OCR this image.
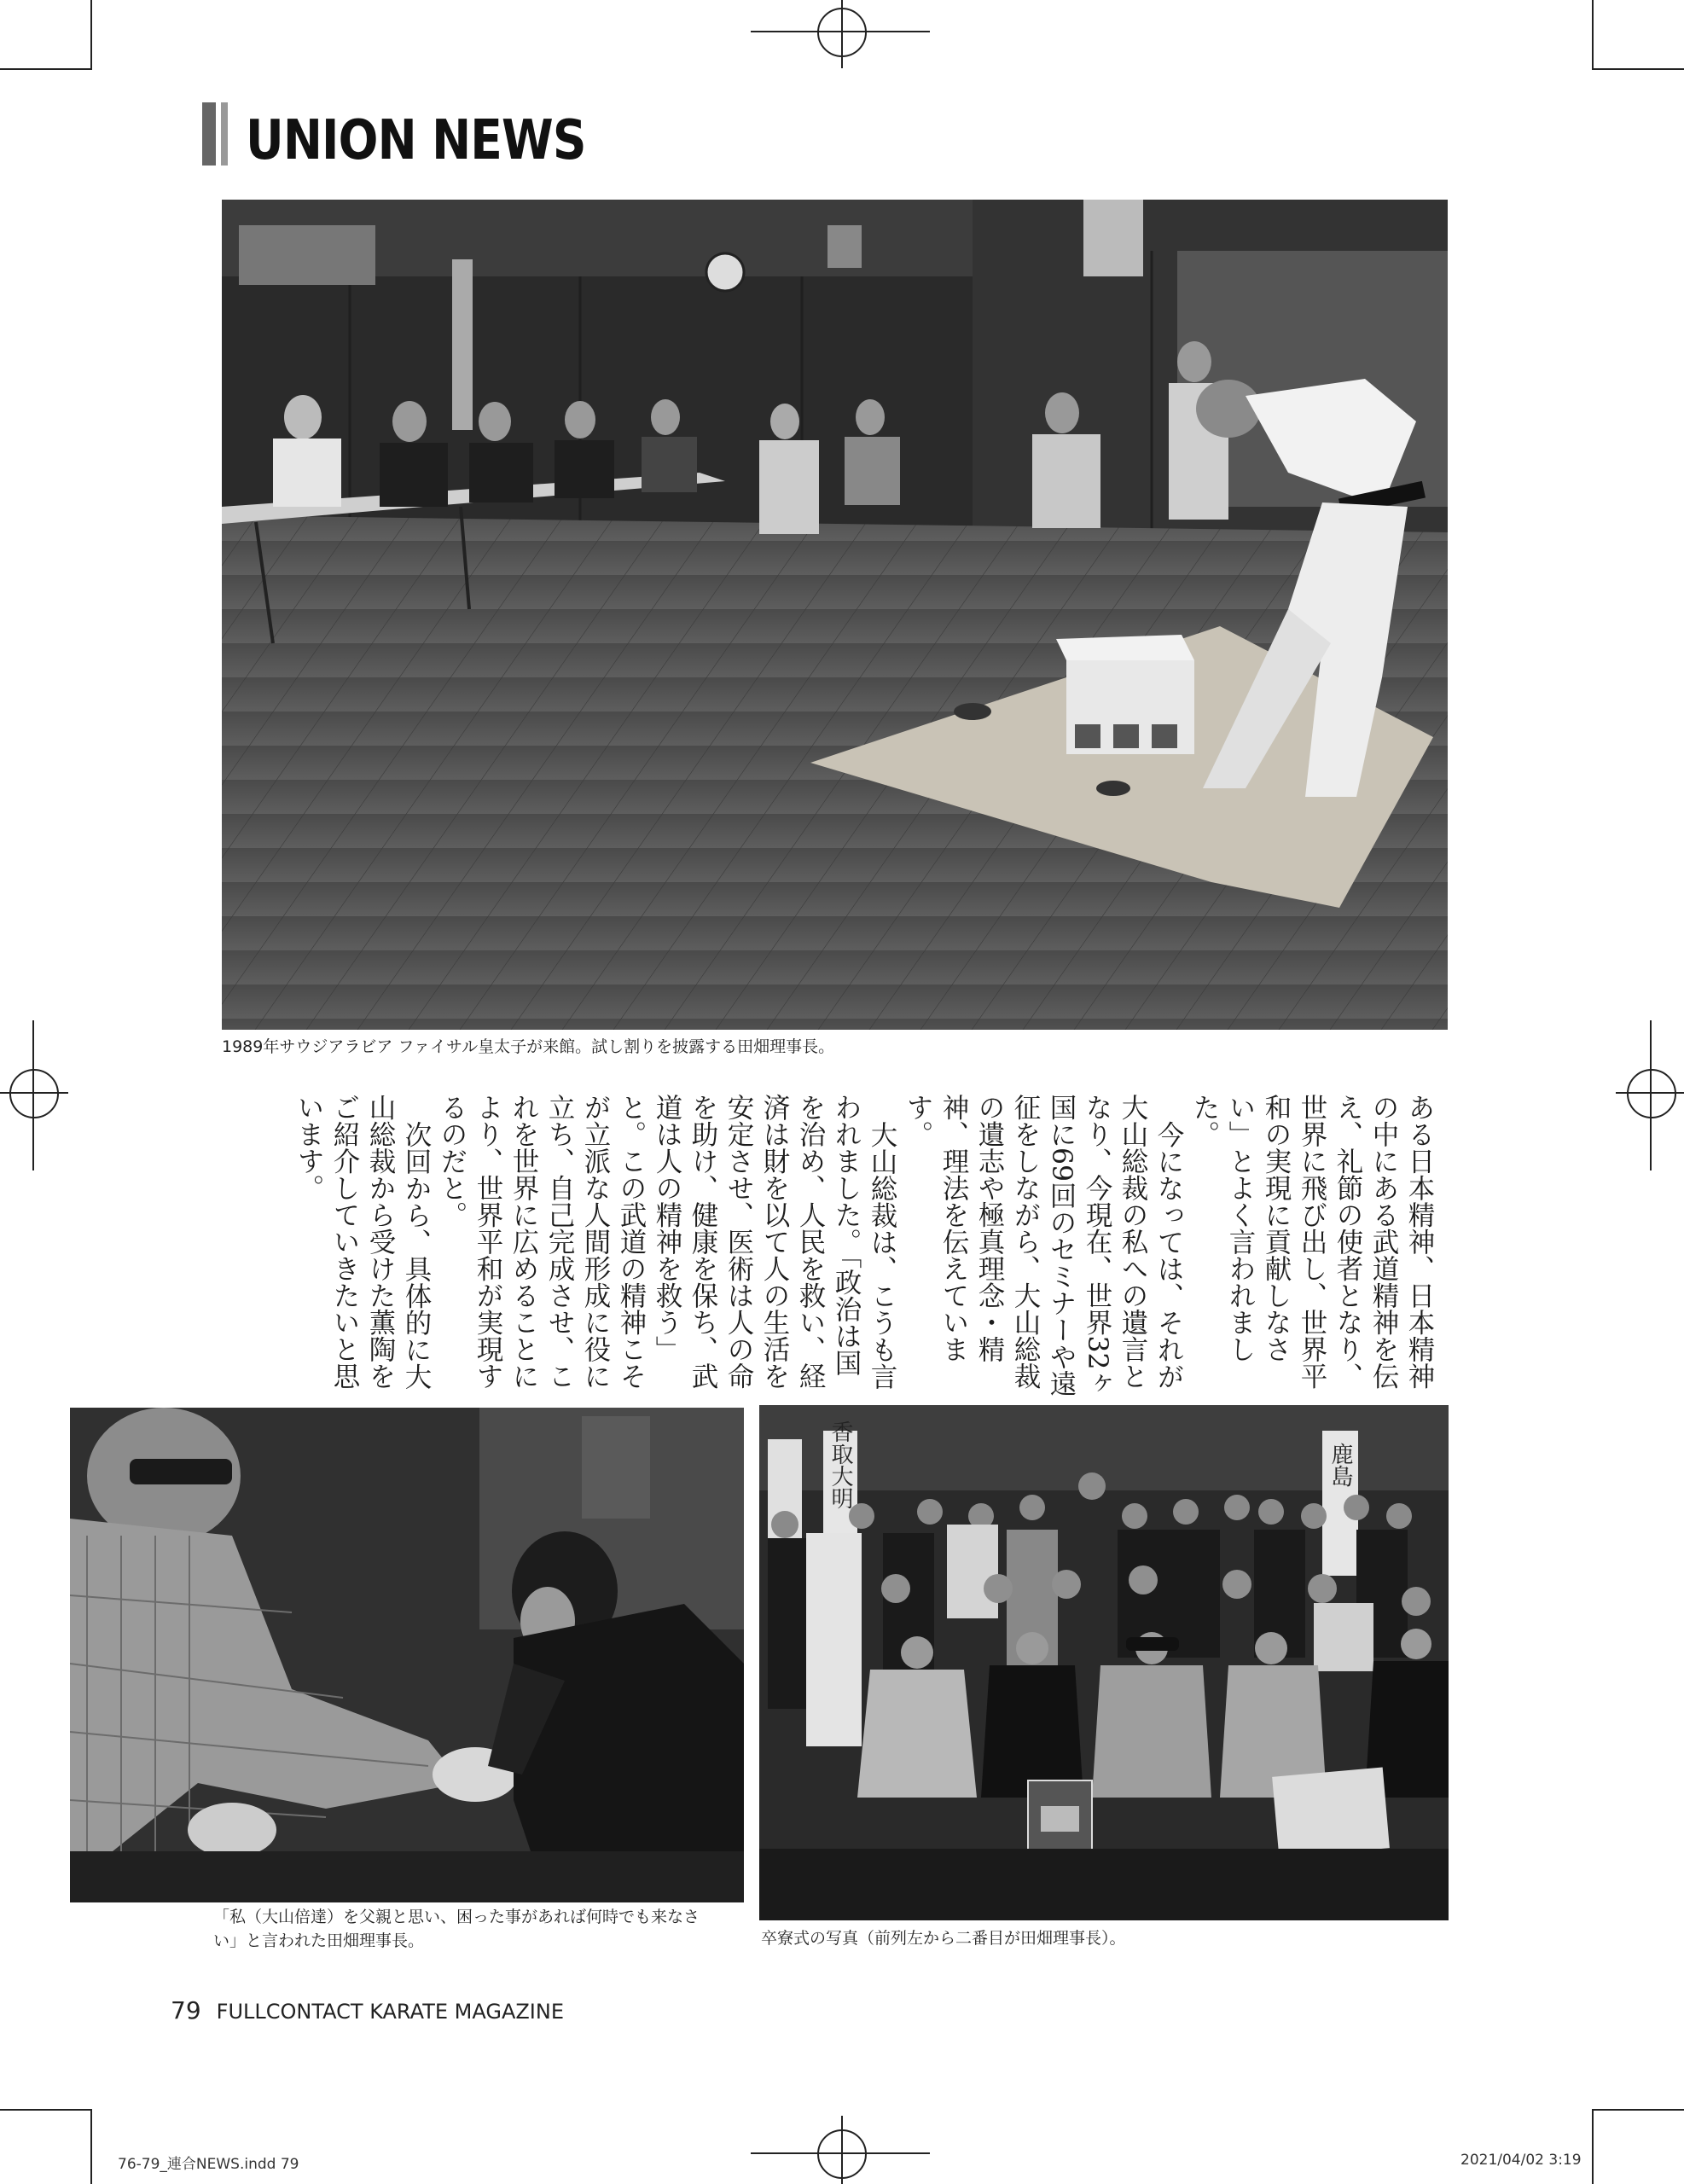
UNION NEWS
1989年サウジアラビア ファイサル皇太子が来館。試し割りを披露する田畑理事長。

ある日本精神、日本精神の中にある武道精神を伝え、礼節の使者となり、世界に飛び出し、世界平和の実現に貢献しなさい」とよく言われました。

今になっては、それが大山総裁の私への遺言となり、今現在、世界32ヶ国に69回のセミナーや遠征をしながら、大山総裁の遺志や極真理念・精神、理法を伝えています。

大山総裁は、こうも言われました。「政治は国を治め、人民を救い、経済は財を以て人の生活を安定させ、医術は人の命を助け、健康を保ち、武道は人の精神を救う」と。この武道の精神こそが立派な人間形成に役に立ち、自己完成させ、これを世界に広めることにより、世界平和が実現するのだと。

次回から、具体的に大山総裁から受けた薫陶をご紹介していきたいと思います。

「私（大山倍達）を父親と思い、困った事があれば何時でも来なさ
い」と言われた田畑理事長。
香取大明	鹿島
卒寮式の写真（前列左から二番目が田畑理事長）。
79 FULLCONTACT KARATE MAGAZINE
76-79_連合NEWS.indd 79	2021/04/02 3:19
